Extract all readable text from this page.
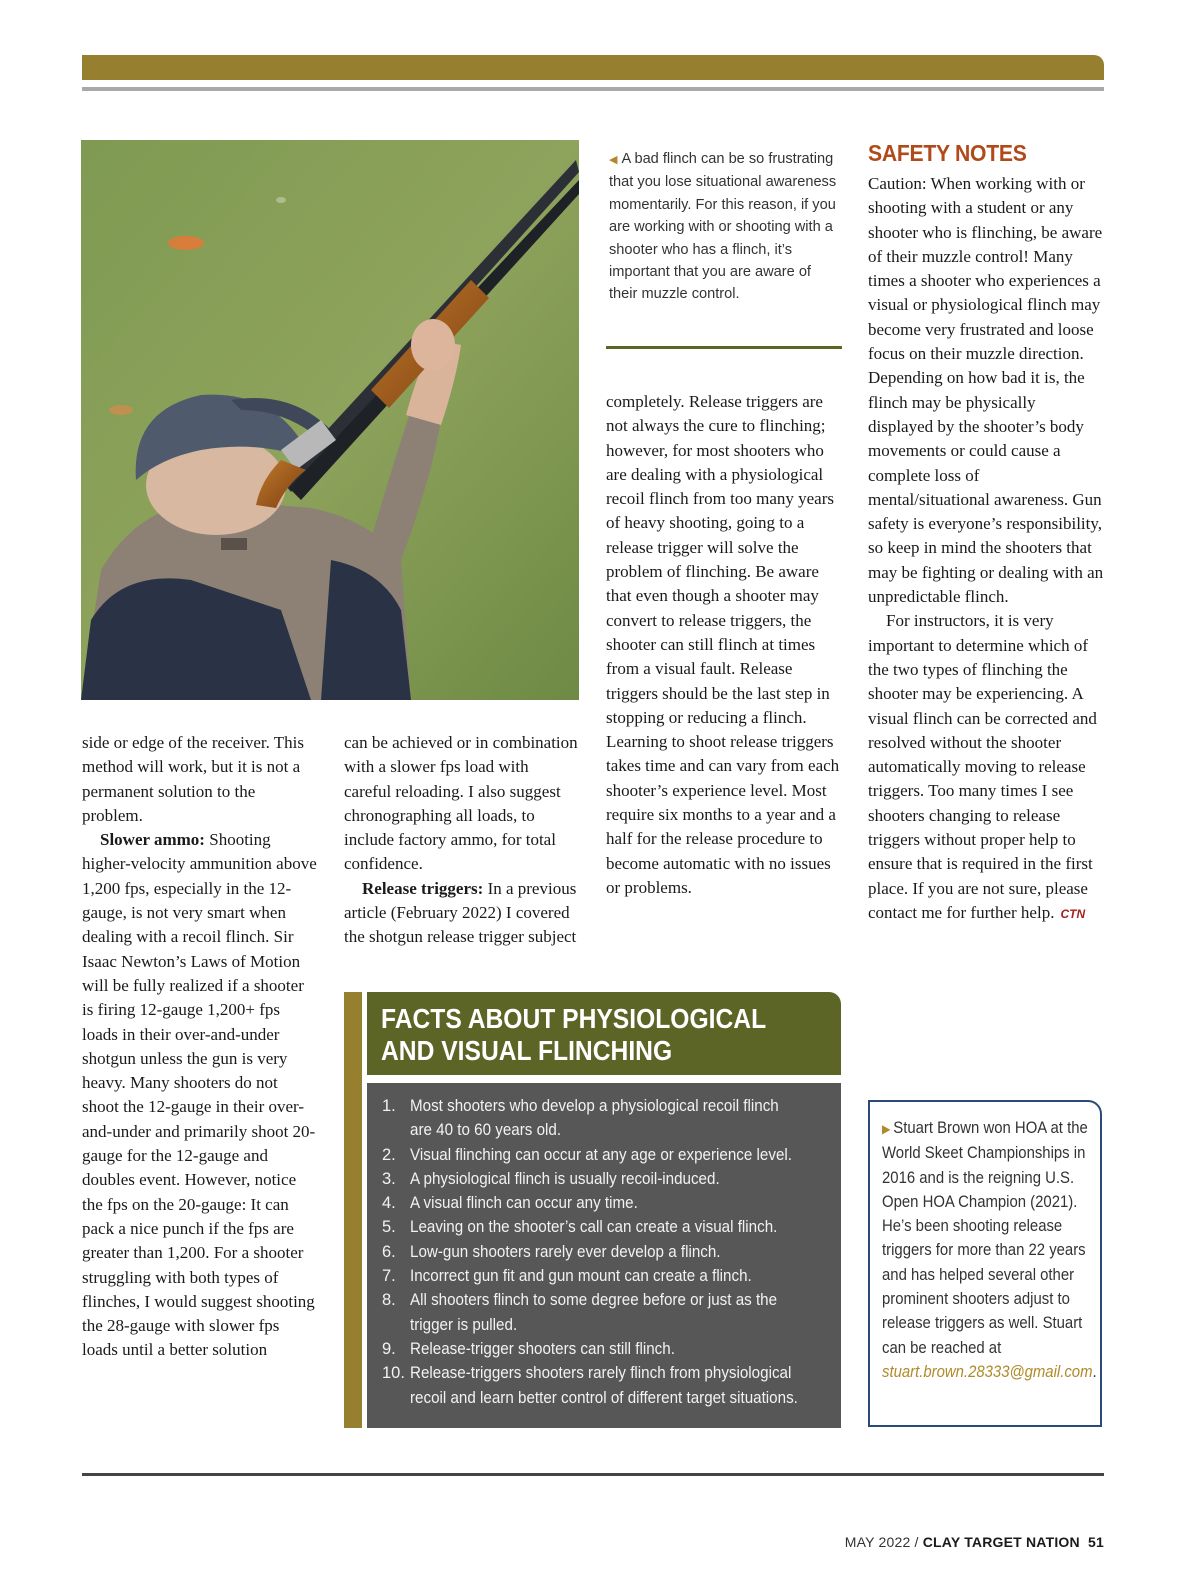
◀ A bad flinch can be so frustrating that you lose situational awareness momentarily. For this reason, if you are working with or shooting with a shooter who has a flinch, it’s important that you are aware of their muzzle control.

side or edge of the receiver. This method will work, but it is not a permanent solution to the problem.

Slower ammo: Shooting higher-velocity ammunition above 1,200 fps, especially in the 12-gauge, is not very smart when dealing with a recoil flinch. Sir Isaac Newton’s Laws of Motion will be fully realized if a shooter is firing 12-gauge 1,200+ fps loads in their over-and-under shotgun unless the gun is very heavy. Many shooters do not shoot the 12-gauge in their over-and-under and primarily shoot 20-gauge for the 12-gauge and doubles event. However, notice the fps on the 20-gauge: It can pack a nice punch if the fps are greater than 1,200. For a shooter struggling with both types of flinches, I would suggest shooting the 28-gauge with slower fps loads until a better solution

can be achieved or in combination with a slower fps load with careful reloading. I also suggest chronographing all loads, to include factory ammo, for total confidence.

Release triggers: In a previous article (February 2022) I covered the shotgun release trigger subject

completely. Release triggers are not always the cure to flinching; however, for most shooters who are dealing with a physiological recoil flinch from too many years of heavy shooting, going to a release trigger will solve the problem of flinching. Be aware that even though a shooter may convert to release triggers, the shooter can still flinch at times from a visual fault. Release triggers should be the last step in stopping or reducing a flinch. Learning to shoot release triggers takes time and can vary from each shooter’s experience level. Most require six months to a year and a half for the release procedure to become automatic with no issues or problems.

SAFETY NOTES

Caution: When working with or shooting with a student or any shooter who is flinching, be aware of their muzzle control! Many times a shooter who experiences a visual or physiological flinch may become very frustrated and loose focus on their muzzle direction. Depending on how bad it is, the flinch may be physically displayed by the shooter’s body movements or could cause a complete loss of mental/situational awareness. Gun safety is everyone’s responsibility, so keep in mind the shooters that may be fighting or dealing with an unpredictable flinch.

For instructors, it is very important to determine which of the two types of flinching the shooter may be experiencing. A visual flinch can be corrected and resolved without the shooter automatically moving to release triggers. Too many times I see shooters changing to release triggers without proper help to ensure that is required in the first place. If you are not sure, please contact me for further help. CTN

FACTS ABOUT PHYSIOLOGICAL
AND VISUAL FLINCHING
1. Most shooters who develop a physiological recoil flinch are 40 to 60 years old.
2. Visual flinching can occur at any age or experience level.
3. A physiological flinch is usually recoil-induced.
4. A visual flinch can occur any time.
5. Leaving on the shooter’s call can create a visual flinch.
6. Low-gun shooters rarely ever develop a flinch.
7. Incorrect gun fit and gun mount can create a flinch.
8. All shooters flinch to some degree before or just as the trigger is pulled.
9. Release-trigger shooters can still flinch.
10. Release-triggers shooters rarely flinch from physiological recoil and learn better control of different target situations.
▶ Stuart Brown won HOA at the World Skeet Championships in 2016 and is the reigning U.S. Open HOA Champion (2021). He’s been shooting release triggers for more than 22 years and has helped several other prominent shooters adjust to release triggers as well. Stuart can be reached at stuart.brown.28333@gmail.com.
MAY 2022 / CLAY TARGET NATION 51
